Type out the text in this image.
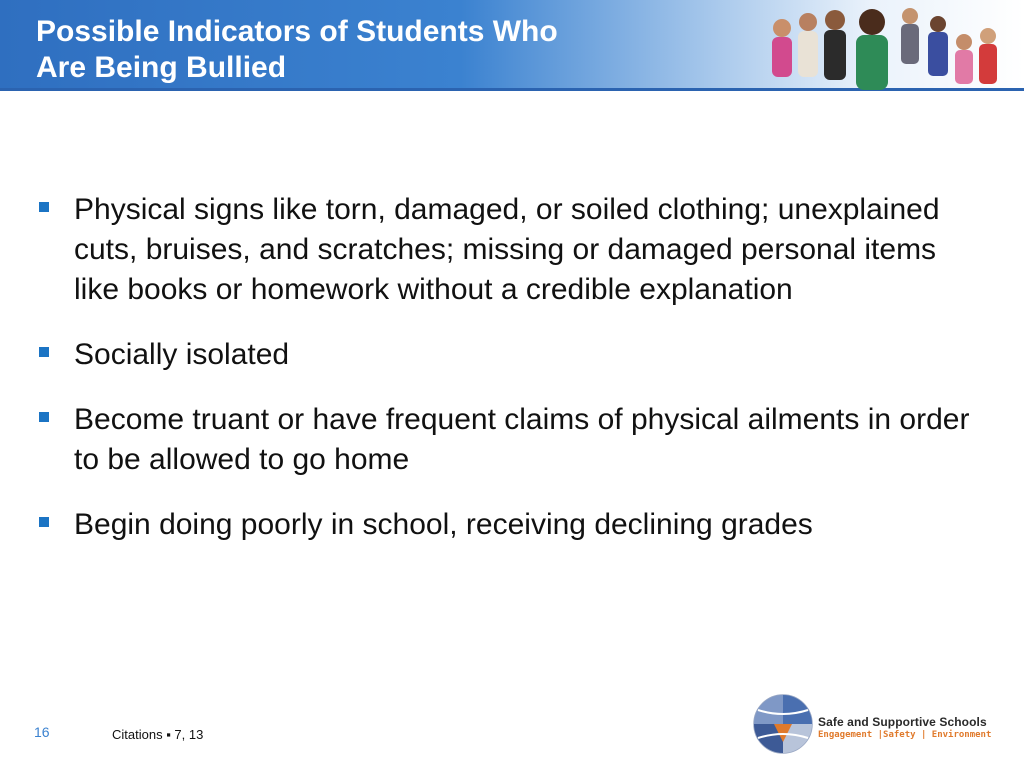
Possible Indicators of Students Who
Are Being Bullied
Physical signs like torn, damaged, or soiled clothing; unexplained cuts, bruises, and scratches; missing or damaged personal items like books or homework without a credible explanation
Socially isolated
Become truant or have frequent claims of physical ailments in order to be allowed to go home
Begin doing poorly in school, receiving declining grades
16	Citations ▪ 7, 13
Safe and Supportive Schools
Engagement |Safety | Environment
